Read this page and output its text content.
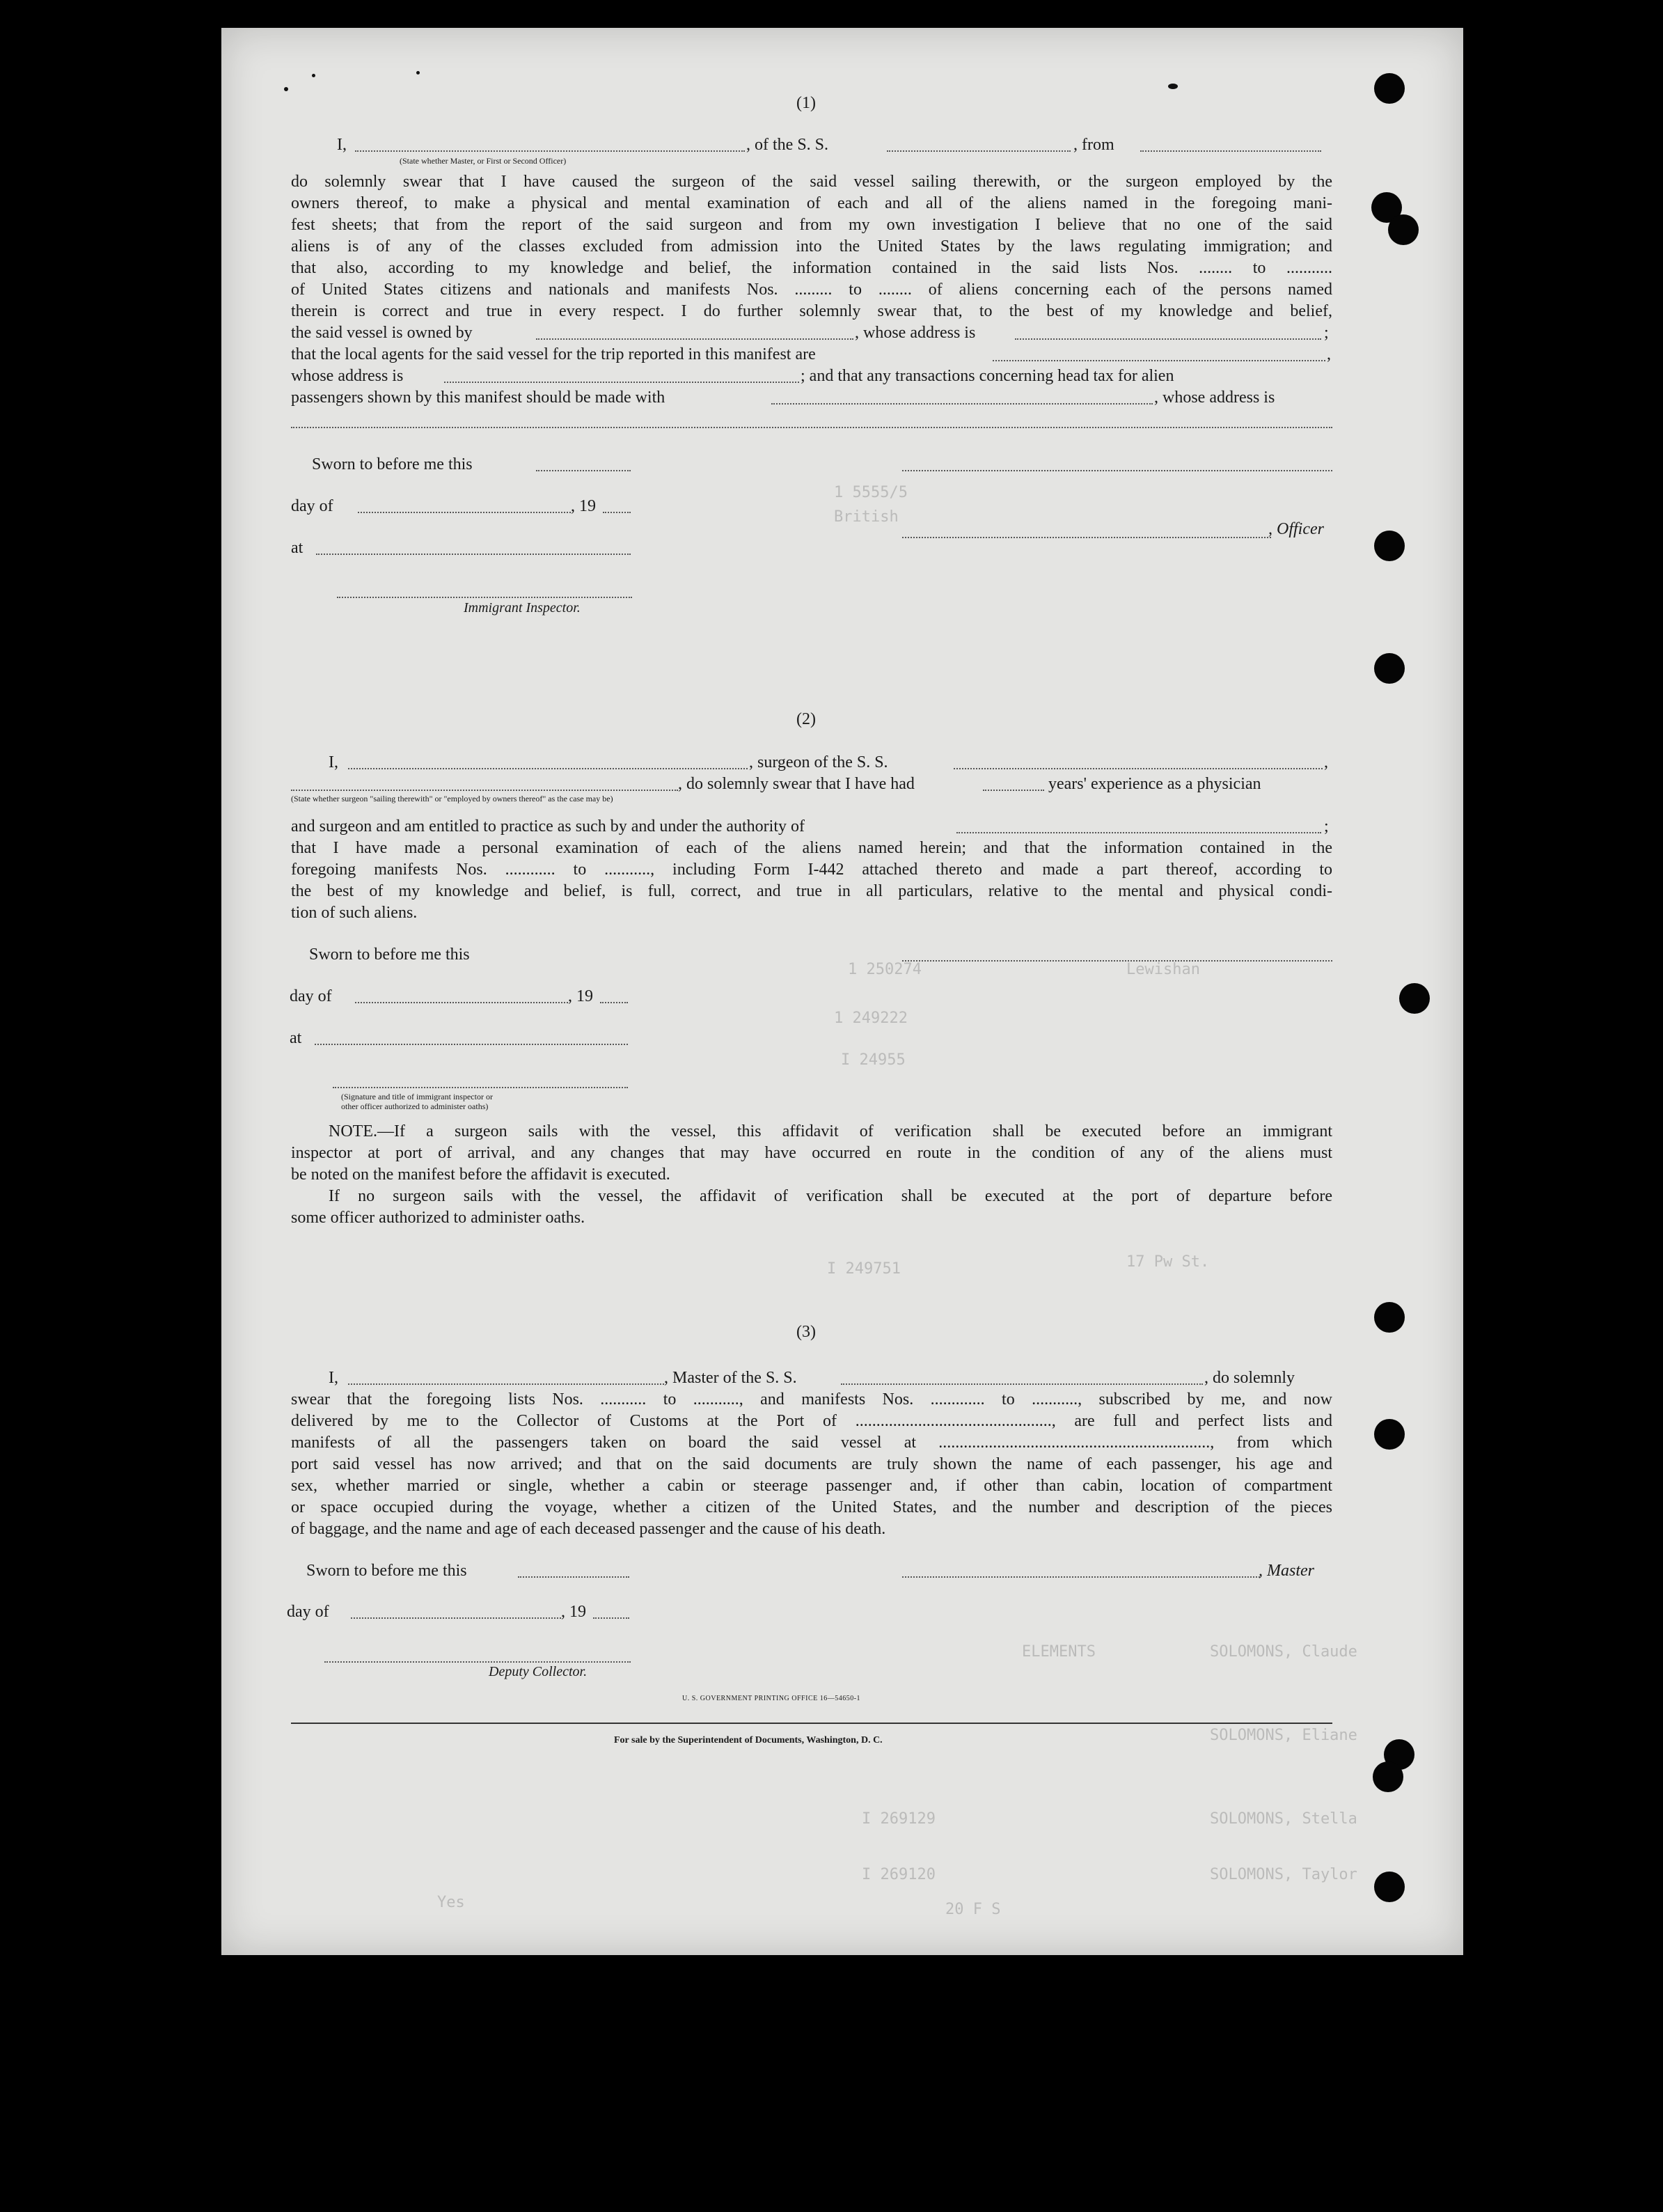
1 5555/5
British
1 250274
1 249222
I 24955
Lewishan
17 Pw St.
I 249751
ELEMENTS	SOLOMONS, Claude
SOLOMONS, Eliane
SOLOMONS, Stella
SOLOMONS, Taylor
I 269129
I 269120
20 F S
Yes
(1)
I,	, of the S. S.	, from
(State whether Master, or First or Second Officer)
do solemnly swear that I have caused the surgeon of the said vessel sailing therewith, or the surgeon employed by the
owners thereof, to make a physical and mental examination of each and all of the aliens named in the foregoing mani-
fest sheets; that from the report of the said surgeon and from my own investigation I believe that no one of the said
aliens is of any of the classes excluded from admission into the United States by the laws regulating immigration; and
that also, according to my knowledge and belief, the information contained in the said lists Nos. ........ to ...........
of United States citizens and nationals and manifests Nos. ......... to ........ of aliens concerning each of the persons named
therein is correct and true in every respect. I do further solemnly swear that, to the best of my knowledge and belief,
the said vessel is owned by	, whose address is	;
that the local agents for the said vessel for the trip reported in this manifest are	,
whose address is	; and that any transactions concerning head tax for alien
passengers shown by this manifest should be made with	, whose address is
Sworn to before me this
day of	, 19
, Officer
at
Immigrant Inspector.
(2)
I,	, surgeon of the S. S.	,
, do solemnly swear that I have had	years' experience as a physician
(State whether surgeon "sailing therewith" or "employed by owners thereof" as the case may be)
and surgeon and am entitled to practice as such by and under the authority of	;
that I have made a personal examination of each of the aliens named herein; and that the information contained in the
foregoing manifests Nos. ............ to ..........., including Form I-442 attached thereto and made a part thereof, according to
the best of my knowledge and belief, is full, correct, and true in all particulars, relative to the mental and physical condi-
tion of such aliens.
Sworn to before me this
day of	, 19
at
(Signature and title of immigrant inspector or
other officer authorized to administer oaths)
NOTE.—If a surgeon sails with the vessel, this affidavit of verification shall be executed before an immigrant
inspector at port of arrival, and any changes that may have occurred en route in the condition of any of the aliens must
be noted on the manifest before the affidavit is executed.
If no surgeon sails with the vessel, the affidavit of verification shall be executed at the port of departure before
some officer authorized to administer oaths.
(3)
I,	, Master of the S. S.	, do solemnly
swear that the foregoing lists Nos. ........... to ..........., and manifests Nos. ............. to ..........., subscribed by me, and now
delivered by me to the Collector of Customs at the Port of ..............................................., are full and perfect lists and
manifests of all the passengers taken on board the said vessel at ................................................................., from which
port said vessel has now arrived; and that on the said documents are truly shown the name of each passenger, his age and
sex, whether married or single, whether a cabin or steerage passenger and, if other than cabin, location of compartment
or space occupied during the voyage, whether a citizen of the United States, and the number and description of the pieces
of baggage, and the name and age of each deceased passenger and the cause of his death.
Sworn to before me this	, Master
day of	, 19
Deputy Collector.
U. S. GOVERNMENT PRINTING OFFICE 16—54650-1
For sale by the Superintendent of Documents, Washington, D. C.
